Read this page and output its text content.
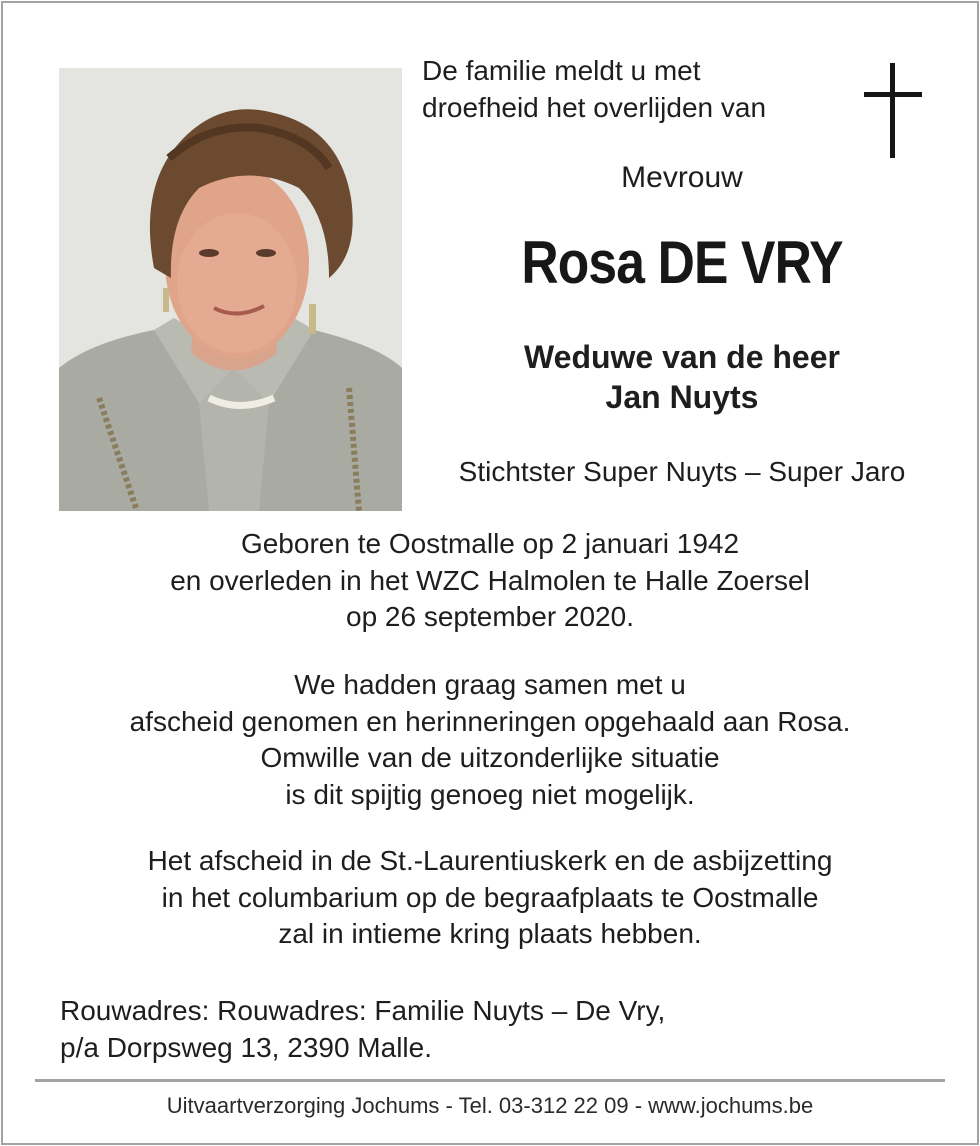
De familie meldt u met
droefheid het overlijden van
Mevrouw
Rosa DE VRY
Weduwe van de heer
Jan Nuyts
Stichtster Super Nuyts – Super Jaro
Geboren te Oostmalle op 2 januari 1942
en overleden in het WZC Halmolen te Halle Zoersel
op 26 september 2020.
We hadden graag samen met u
afscheid genomen en herinneringen opgehaald aan Rosa.
Omwille van de uitzonderlijke situatie
is dit spijtig genoeg niet mogelijk.
Het afscheid in de St.-Laurentiuskerk en de asbijzetting
in het columbarium op de begraafplaats te Oostmalle
zal in intieme kring plaats hebben.
Rouwadres: Rouwadres: Familie Nuyts – De Vry,
p/a Dorpsweg 13, 2390 Malle.
Uitvaartverzorging Jochums - Tel. 03-312 22 09 - www.jochums.be
